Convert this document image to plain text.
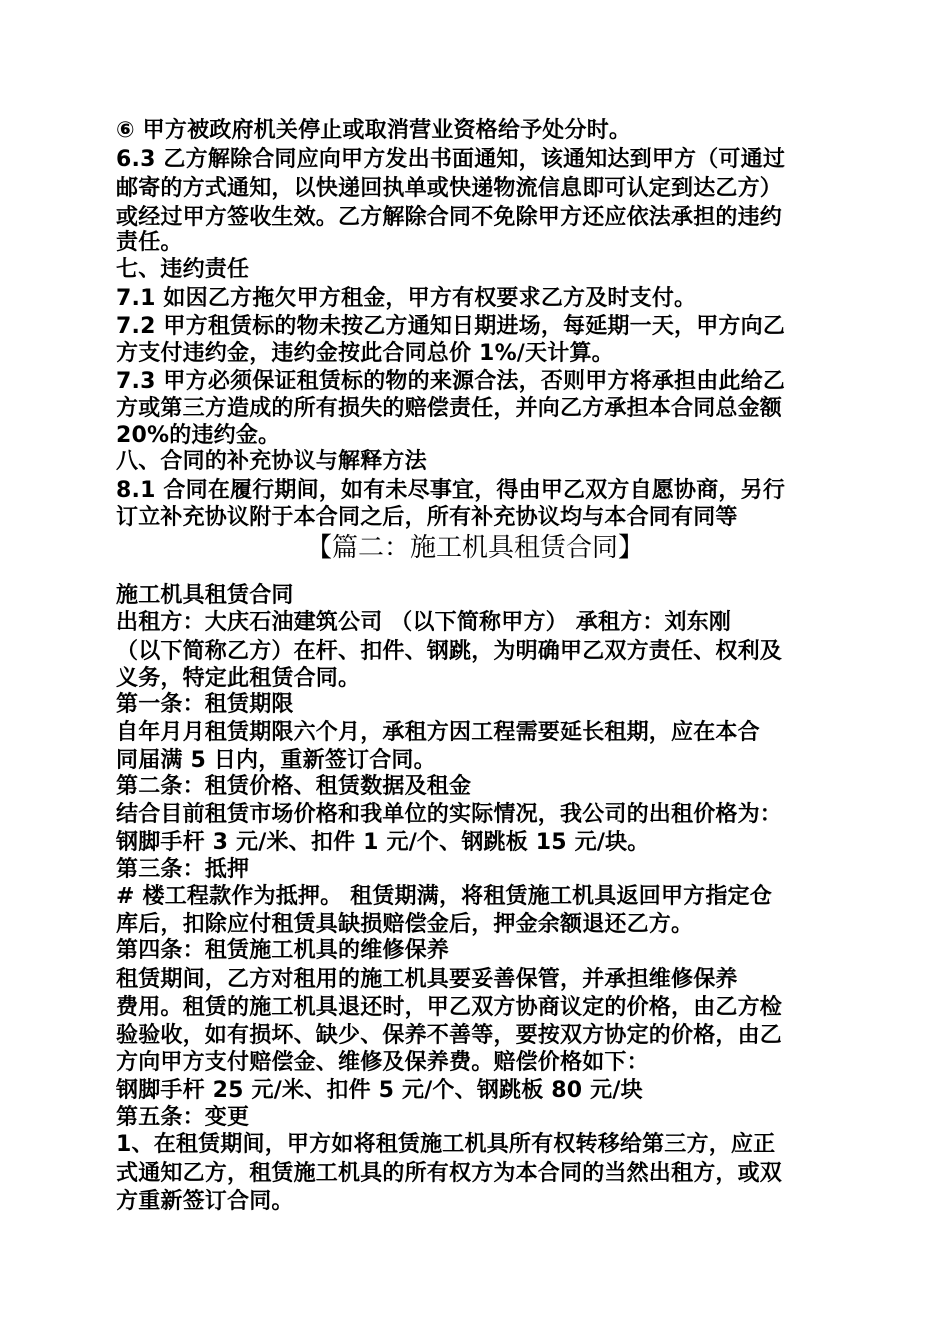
⑥ 甲方被政府机关停止或取消营业资格给予处分时。
6.3 乙方解除合同应向甲方发出书面通知，该通知达到甲方（可通过
邮寄的方式通知，以快递回执单或快递物流信息即可认定到达乙方）
或经过甲方签收生效。乙方解除合同不免除甲方还应依法承担的违约
责任。
七、违约责任
7.1 如因乙方拖欠甲方租金，甲方有权要求乙方及时支付。
7.2 甲方租赁标的物未按乙方通知日期进场，每延期一天，甲方向乙
方支付违约金，违约金按此合同总价 1%/天计算。
7.3 甲方必须保证租赁标的物的来源合法，否则甲方将承担由此给乙
方或第三方造成的所有损失的赔偿责任，并向乙方承担本合同总金额
20%的违约金。
八、合同的补充协议与解释方法
8.1 合同在履行期间，如有未尽事宜，得由甲乙双方自愿协商，另行
订立补充协议附于本合同之后，所有补充协议均与本合同有同等
【篇二：施工机具租赁合同】
施工机具租赁合同
出租方：大庆石油建筑公司 （以下简称甲方） 承租方：刘东刚
（以下简称乙方）在杆、扣件、钢跳，为明确甲乙双方责任、权利及
义务，特定此租赁合同。
第一条：租赁期限
自年月月租赁期限六个月，承租方因工程需要延长租期，应在本合
同届满 5 日内，重新签订合同。
第二条：租赁价格、租赁数据及租金
结合目前租赁市场价格和我单位的实际情况，我公司的出租价格为：
钢脚手杆 3 元/米、扣件 1 元/个、钢跳板 15 元/块。
第三条：抵押
# 楼工程款作为抵押。 租赁期满，将租赁施工机具返回甲方指定仓
库后，扣除应付租赁具缺损赔偿金后，押金余额退还乙方。
第四条：租赁施工机具的维修保养
租赁期间，乙方对租用的施工机具要妥善保管，并承担维修保养
费用。租赁的施工机具退还时，甲乙双方协商议定的价格，由乙方检
验验收，如有损坏、缺少、保养不善等，要按双方协定的价格，由乙
方向甲方支付赔偿金、维修及保养费。赔偿价格如下：
钢脚手杆 25 元/米、扣件 5 元/个、钢跳板 80 元/块
第五条：变更
1、在租赁期间，甲方如将租赁施工机具所有权转移给第三方，应正
式通知乙方，租赁施工机具的所有权方为本合同的当然出租方，或双
方重新签订合同。
